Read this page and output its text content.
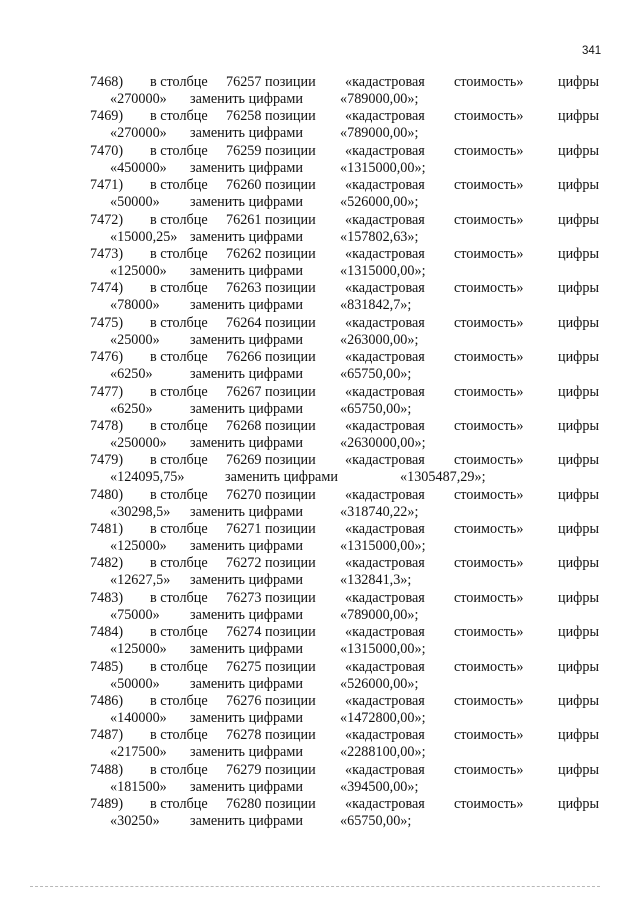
341
7468) в столбце 76257 позиции «кадастровая стоимость» цифры
«270000» заменить цифрами	«789000,00»;
7469) в столбце 76258 позиции «кадастровая стоимость» цифры
«270000» заменить цифрами	«789000,00»;
7470) в столбце 76259 позиции «кадастровая стоимость» цифры
«450000» заменить цифрами	«1315000,00»;
7471) в столбце 76260 позиции «кадастровая стоимость» цифры
«50000» заменить цифрами	«526000,00»;
7472) в столбце 76261 позиции «кадастровая стоимость» цифры
«15000,25» заменить цифрами	«157802,63»;
7473) в столбце 76262 позиции «кадастровая стоимость» цифры
«125000» заменить цифрами	«1315000,00»;
7474) в столбце 76263 позиции «кадастровая стоимость» цифры
«78000» заменить цифрами	«831842,7»;
7475) в столбце 76264 позиции «кадастровая стоимость» цифры
«25000» заменить цифрами	«263000,00»;
7476) в столбце 76266 позиции «кадастровая стоимость» цифры
«6250»	заменить цифрами	«65750,00»;
7477) в столбце 76267 позиции «кадастровая стоимость» цифры
«6250»	заменить цифрами	«65750,00»;
7478) в столбце 76268 позиции «кадастровая стоимость» цифры
«250000» заменить цифрами	«2630000,00»;
7479) в столбце 76269 позиции «кадастровая стоимость» цифры
«124095,75»	заменить цифрами	«1305487,29»;
7480) в столбце 76270 позиции «кадастровая стоимость» цифры
«30298,5» заменить цифрами	«318740,22»;
7481) в столбце 76271 позиции «кадастровая стоимость» цифры
«125000» заменить цифрами	«1315000,00»;
7482) в столбце 76272 позиции «кадастровая стоимость» цифры
«12627,5» заменить цифрами	«132841,3»;
7483) в столбце 76273 позиции «кадастровая стоимость» цифры
«75000» заменить цифрами	«789000,00»;
7484) в столбце 76274 позиции «кадастровая стоимость» цифры
«125000» заменить цифрами	«1315000,00»;
7485) в столбце 76275 позиции «кадастровая стоимость» цифры
«50000» заменить цифрами	«526000,00»;
7486) в столбце 76276 позиции «кадастровая стоимость» цифры
«140000» заменить цифрами	«1472800,00»;
7487) в столбце 76278 позиции «кадастровая стоимость» цифры
«217500» заменить цифрами	«2288100,00»;
7488) в столбце 76279 позиции «кадастровая стоимость» цифры
«181500» заменить цифрами	«394500,00»;
7489) в столбце 76280 позиции «кадастровая стоимость» цифры
«30250» заменить цифрами	«65750,00»;
